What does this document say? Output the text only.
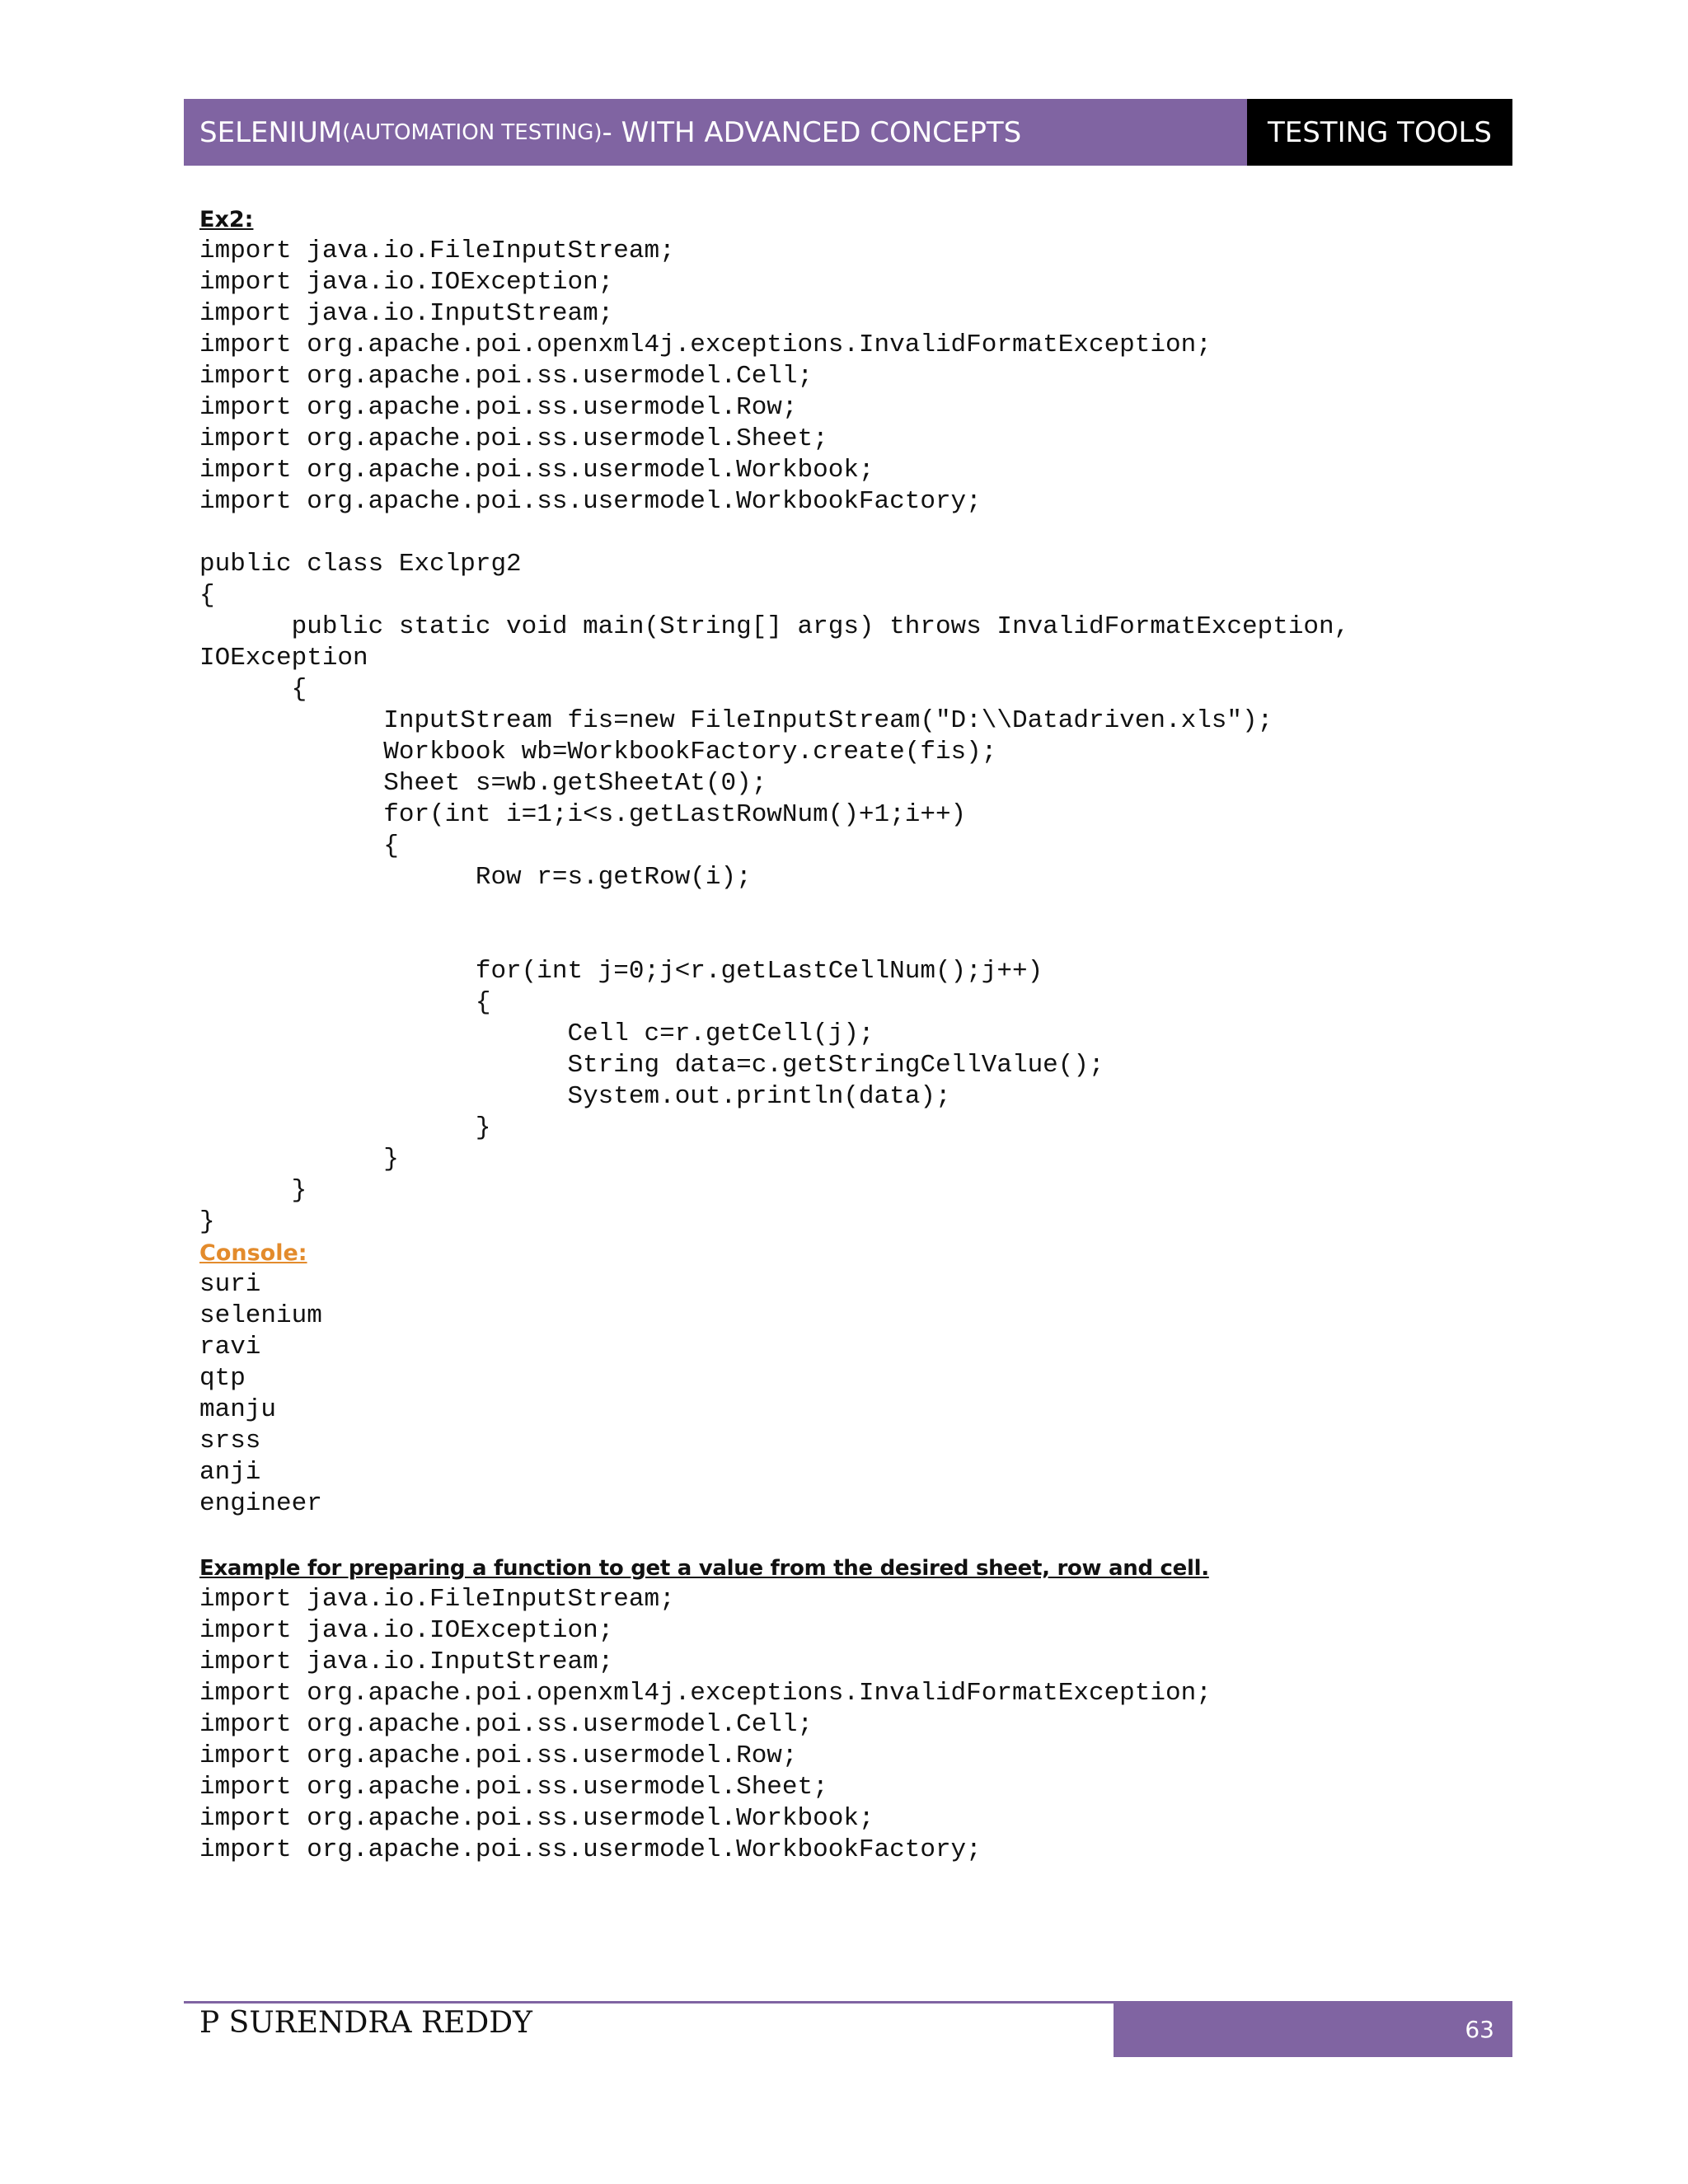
SELENIUM (AUTOMATION TESTING) - WITH ADVANCED CONCEPTS	TESTING TOOLS
Ex2:
import java.io.FileInputStream;
import java.io.IOException;
import java.io.InputStream;
import org.apache.poi.openxml4j.exceptions.InvalidFormatException;
import org.apache.poi.ss.usermodel.Cell;
import org.apache.poi.ss.usermodel.Row;
import org.apache.poi.ss.usermodel.Sheet;
import org.apache.poi.ss.usermodel.Workbook;
import org.apache.poi.ss.usermodel.WorkbookFactory;
public class Exclprg2
{
public static void main(String[] args) throws InvalidFormatException,
IOException
{
InputStream fis=new FileInputStream("D:\\Datadriven.xls");
Workbook wb=WorkbookFactory.create(fis);
Sheet s=wb.getSheetAt(0);
for(int i=1;i<s.getLastRowNum()+1;i++)
{
Row r=s.getRow(i);

for(int j=0;j<r.getLastCellNum();j++)
{
Cell c=r.getCell(j);
String data=c.getStringCellValue();
System.out.println(data);
}
}
}
}
Console:
suri
selenium
ravi
qtp
manju
srss
anji
engineer
Example for preparing a function to get a value from the desired sheet, row and cell.
import java.io.FileInputStream;
import java.io.IOException;
import java.io.InputStream;
import org.apache.poi.openxml4j.exceptions.InvalidFormatException;
import org.apache.poi.ss.usermodel.Cell;
import org.apache.poi.ss.usermodel.Row;
import org.apache.poi.ss.usermodel.Sheet;
import org.apache.poi.ss.usermodel.Workbook;
import org.apache.poi.ss.usermodel.WorkbookFactory;
P SURENDRA REDDY	63
